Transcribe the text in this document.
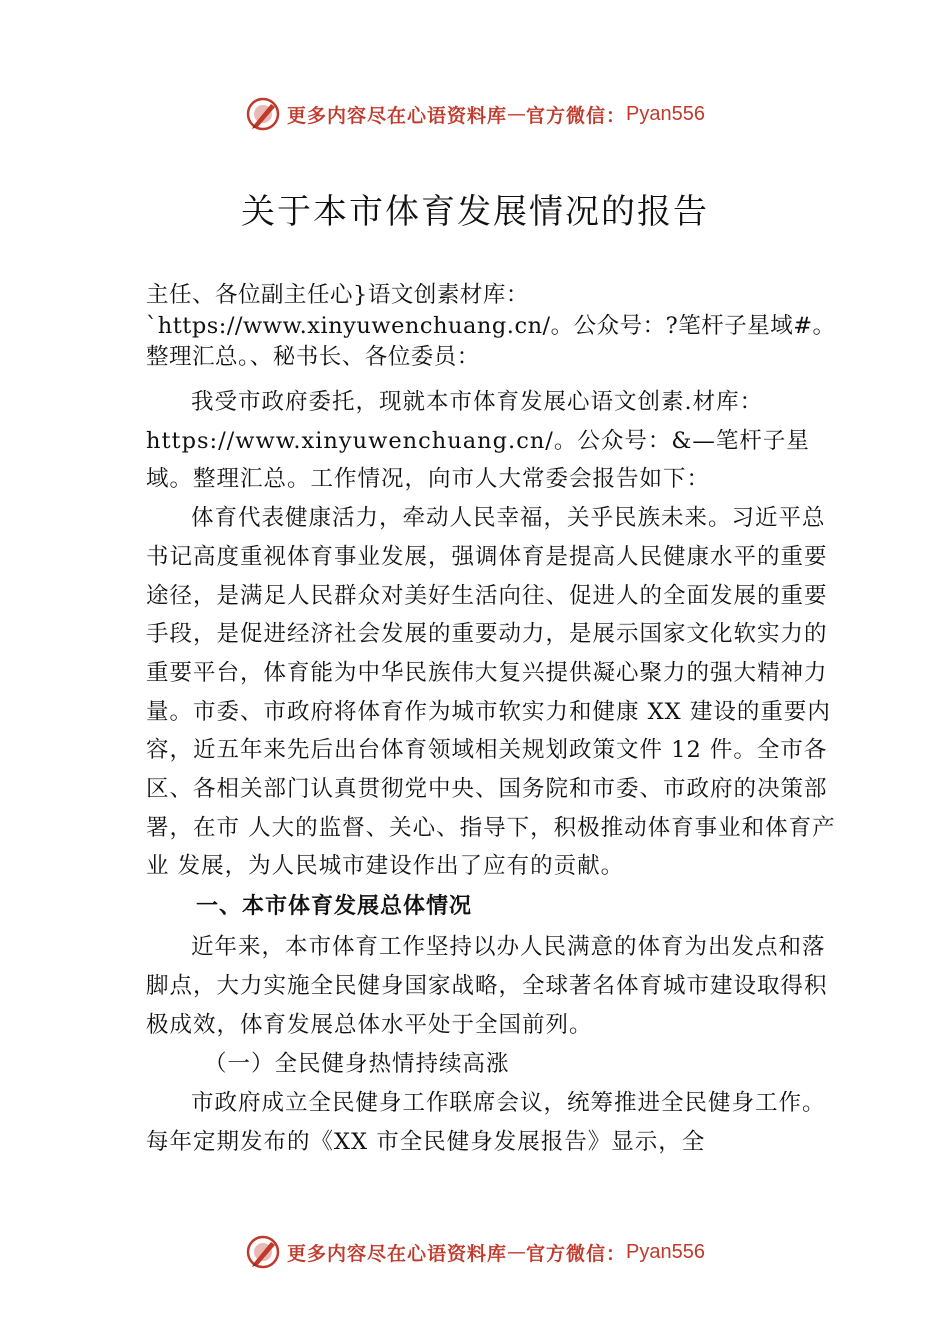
更多内容尽在心语资料库 — 官方微信： Pyan556
关于本市体育发展情况的报告

主任、各位副主任心}语文创素材库：`https://www.xinyuwenchuang.cn/。公众号：?笔杆子星域#。整理汇总。、秘书长、各位委员：

我受市政府委托，现就本市体育发展心语文创素.材库：https://www.xinyuwenchuang.cn/。公众号：&—笔杆子星域。整理汇总。工作情况，向市人大常委会报告如下：

体育代表健康活力，牵动人民幸福，关乎民族未来。习近平总书记高度重视体育事业发展，强调体育是提高人民健康水平的重要途径，是满足人民群众对美好生活向往、促进人的全面发展的重要手段，是促进经济社会发展的重要动力，是展示国家文化软实力的重要平台，体育能为中华民族伟大复兴提供凝心聚力的强大精神力量。市委、市政府将体育作为城市软实力和健康 XX 建设的重要内容，近五年来先后出台体育领域相关规划政策文件 12 件。全市各区、各相关部门认真贯彻党中央、国务院和市委、市政府的决策部署，在市 人大的监督、关心、指导下，积极推动体育事业和体育产业 发展，为人民城市建设作出了应有的贡献。

一、本市体育发展总体情况

近年来，本市体育工作坚持以办人民满意的体育为出发点和落脚点，大力实施全民健身国家战略，全球著名体育城市建设取得积极成效，体育发展总体水平处于全国前列。

（一）全民健身热情持续高涨

市政府成立全民健身工作联席会议，统筹推进全民健身工作。每年定期发布的《XX 市全民健身发展报告》显示，全

更多内容尽在心语资料库 — 官方微信： Pyan556
